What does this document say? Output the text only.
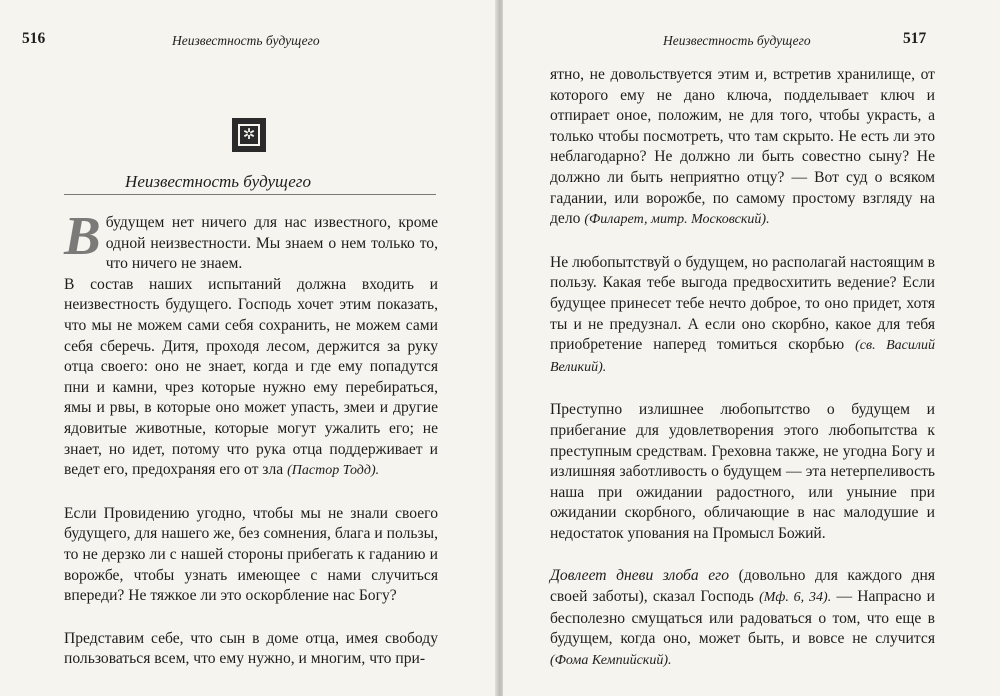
516	Неизвестность будущего
✲
Неизвестность будущего

Вбудущем нет ничего для нас известного, кроме одной неизвестности. Мы знаем о нем только то, что ничего не знаем.

В состав наших испытаний должна входить и неизвестность будущего. Господь хочет этим показать, что мы не можем сами себя сохранить, не можем сами себя сберечь. Дитя, проходя лесом, держится за руку отца своего: оно не знает, когда и где ему попадутся пни и камни, чрез которые нужно ему перебираться, ямы и рвы, в которые оно может упасть, змеи и другие ядовитые животные, которые могут ужалить его; не знает, но идет, потому что рука отца поддерживает и ведет его, предохраняя его от зла (Пастор Тодд).

Если Провидению угодно, чтобы мы не знали своего будущего, для нашего же, без сомнения, блага и пользы, то не дерзко ли с нашей стороны прибегать к гаданию и ворожбе, чтобы узнать имеющее с нами случиться впереди? Не тяжкое ли это оскорбление нас Богу?

Представим себе, что сын в доме отца, имея свободу пользоваться всем, что ему нужно, и многим, что при-

Неизвестность будущего	517

ятно, не довольствуется этим и, встретив хранилище, от которого ему не дано ключа, подделывает ключ и отпирает оное, положим, не для того, чтобы украсть, а только чтобы посмотреть, что там скрыто. Не есть ли это неблагодарно? Не должно ли быть совестно сыну? Не должно ли быть неприятно отцу? — Вот суд о всяком гадании, или ворожбе, по самому простому взгляду на дело (Филарет, митр. Московский).

Не любопытствуй о будущем, но располагай настоящим в пользу. Какая тебе выгода предвосхитить ведение? Если будущее принесет тебе нечто доброе, то оно придет, хотя ты и не предузнал. А если оно скорбно, какое для тебя приобретение наперед томиться скорбью (св. Василий Великий).

Преступно излишнее любопытство о будущем и прибегание для удовлетворения этого любопытства к преступным средствам. Греховна также, не угодна Богу и излишняя заботливость о будущем — эта нетерпеливость наша при ожидании радостного, или уныние при ожидании скорбного, обличающие в нас малодушие и недостаток упования на Промысл Божий.

Довлеет дневи злоба его (довольно для каждого дня своей заботы), сказал Господь (Мф. 6, 34). — Напрасно и бесполезно смущаться или радоваться о том, что еще в будущем, когда оно, может быть, и вовсе не случится (Фома Кемпийский).
